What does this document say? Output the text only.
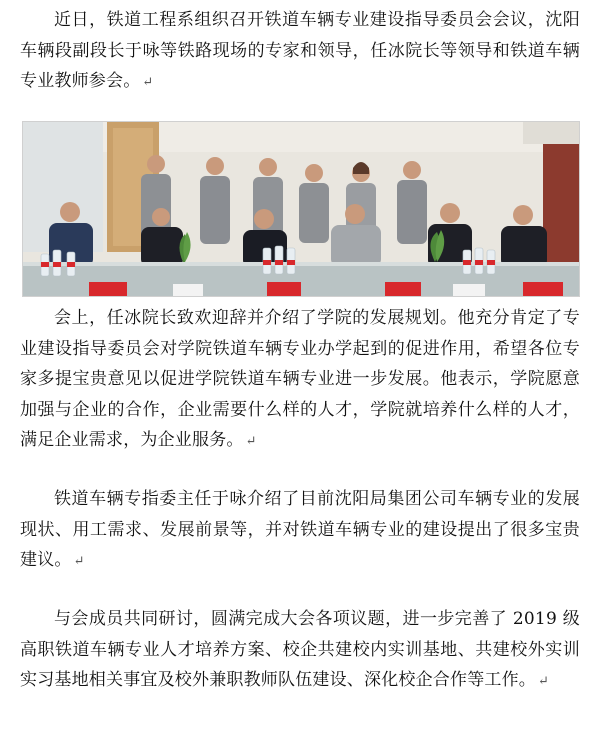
近日，铁道工程系组织召开铁道车辆专业建设指导委员会会议，沈阳车辆段副段长于咏等铁路现场的专家和领导，任冰院长等领导和铁道车辆专业教师参会。 ↵

会上，任冰院长致欢迎辞并介绍了学院的发展规划。他充分肯定了专业建设指导委员会对学院铁道车辆专业办学起到的促进作用，希望各位专家多提宝贵意见以促进学院铁道车辆专业进一步发展。他表示，学院愿意加强与企业的合作，企业需要什么样的人才，学院就培养什么样的人才，满足企业需求，为企业服务。 ↵

铁道车辆专指委主任于咏介绍了目前沈阳局集团公司车辆专业的发展现状、用工需求、发展前景等，并对铁道车辆专业的建设提出了很多宝贵建议。 ↵

与会成员共同研讨，圆满完成大会各项议题，进一步完善了 2019 级高职铁道车辆专业人才培养方案、校企共建校内实训基地、共建校外实训实习基地相关事宜及校外兼职教师队伍建设、深化校企合作等工作。 ↵
